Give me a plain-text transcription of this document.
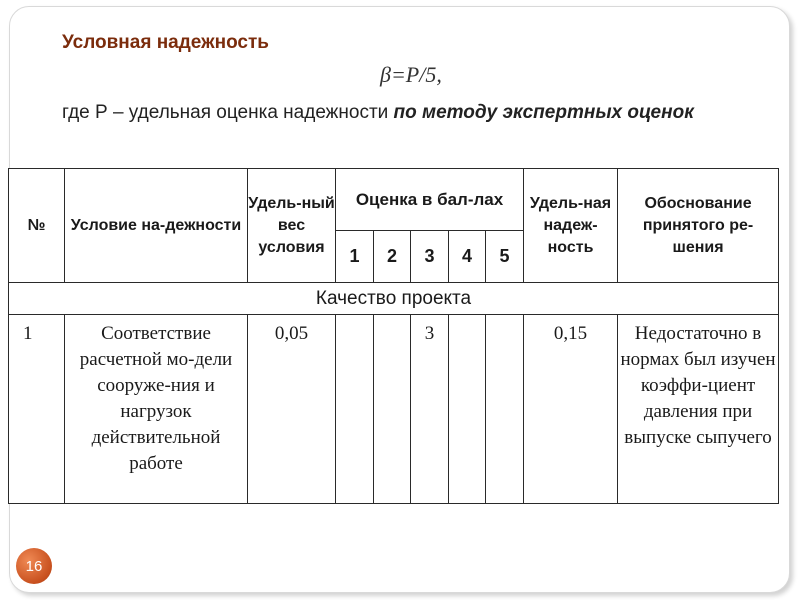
Условная надежность
β=P/5,
где Р – удельная оценка надежности по методу экспертных оценок
№	Условие на-дежности	Удель-ный вес условия	Оценка в бал-лах					Удель-ная надеж-ность	Обоснование принятого ре-шения
			1	2	3	4	5		
Качество проекта									
1	Соответствие расчетной мо-дели сооруже-ния и нагрузок действительной работе	0,05			3			0,15	Недостаточно в нормах был изучен коэффи-циент давления при выпуске сыпучего
16
